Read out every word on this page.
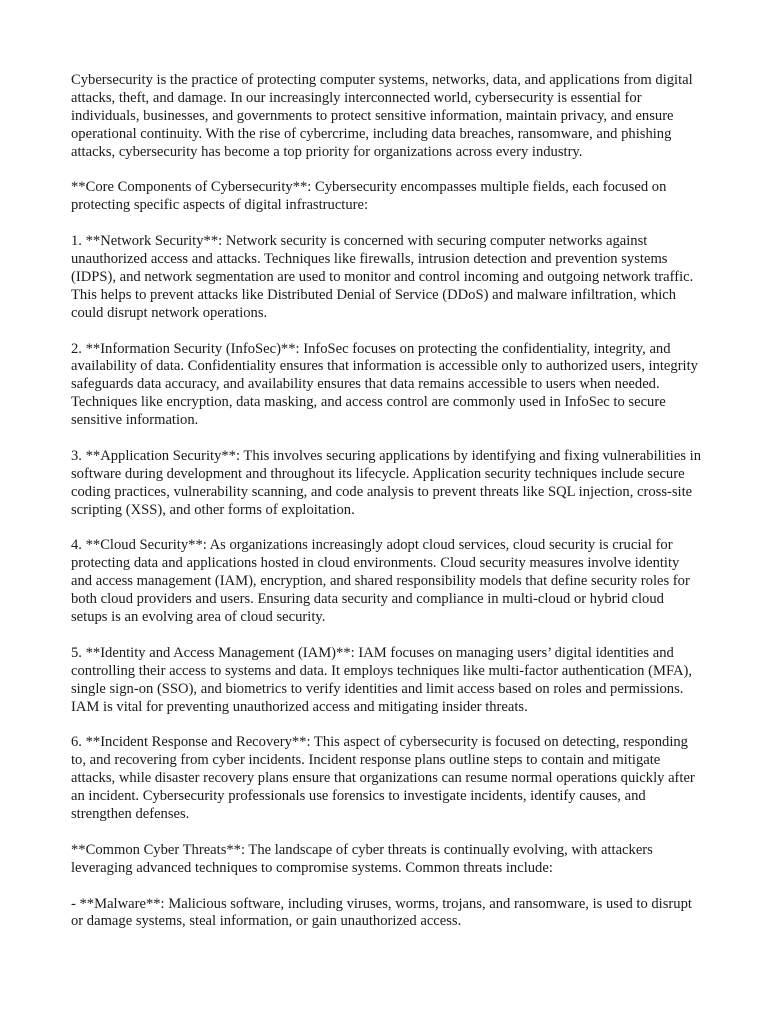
Cybersecurity is the practice of protecting computer systems, networks, data, and applications from digital attacks, theft, and damage. In our increasingly interconnected world, cybersecurity is essential for individuals, businesses, and governments to protect sensitive information, maintain privacy, and ensure operational continuity. With the rise of cybercrime, including data breaches, ransomware, and phishing attacks, cybersecurity has become a top priority for organizations across every industry.

**Core Components of Cybersecurity**: Cybersecurity encompasses multiple fields, each focused on protecting specific aspects of digital infrastructure:

1. **Network Security**: Network security is concerned with securing computer networks against unauthorized access and attacks. Techniques like firewalls, intrusion detection and prevention systems (IDPS), and network segmentation are used to monitor and control incoming and outgoing network traffic. This helps to prevent attacks like Distributed Denial of Service (DDoS) and malware infiltration, which could disrupt network operations.

2. **Information Security (InfoSec)**: InfoSec focuses on protecting the confidentiality, integrity, and availability of data. Confidentiality ensures that information is accessible only to authorized users, integrity safeguards data accuracy, and availability ensures that data remains accessible to users when needed. Techniques like encryption, data masking, and access control are commonly used in InfoSec to secure sensitive information.

3. **Application Security**: This involves securing applications by identifying and fixing vulnerabilities in software during development and throughout its lifecycle. Application security techniques include secure coding practices, vulnerability scanning, and code analysis to prevent threats like SQL injection, cross-site scripting (XSS), and other forms of exploitation.

4. **Cloud Security**: As organizations increasingly adopt cloud services, cloud security is crucial for protecting data and applications hosted in cloud environments. Cloud security measures involve identity and access management (IAM), encryption, and shared responsibility models that define security roles for both cloud providers and users. Ensuring data security and compliance in multi-cloud or hybrid cloud setups is an evolving area of cloud security.

5. **Identity and Access Management (IAM)**: IAM focuses on managing users’ digital identities and controlling their access to systems and data. It employs techniques like multi-factor authentication (MFA), single sign-on (SSO), and biometrics to verify identities and limit access based on roles and permissions. IAM is vital for preventing unauthorized access and mitigating insider threats.

6. **Incident Response and Recovery**: This aspect of cybersecurity is focused on detecting, responding to, and recovering from cyber incidents. Incident response plans outline steps to contain and mitigate attacks, while disaster recovery plans ensure that organizations can resume normal operations quickly after an incident. Cybersecurity professionals use forensics to investigate incidents, identify causes, and strengthen defenses.

**Common Cyber Threats**: The landscape of cyber threats is continually evolving, with attackers leveraging advanced techniques to compromise systems. Common threats include:

- **Malware**: Malicious software, including viruses, worms, trojans, and ransomware, is used to disrupt or damage systems, steal information, or gain unauthorized access.
